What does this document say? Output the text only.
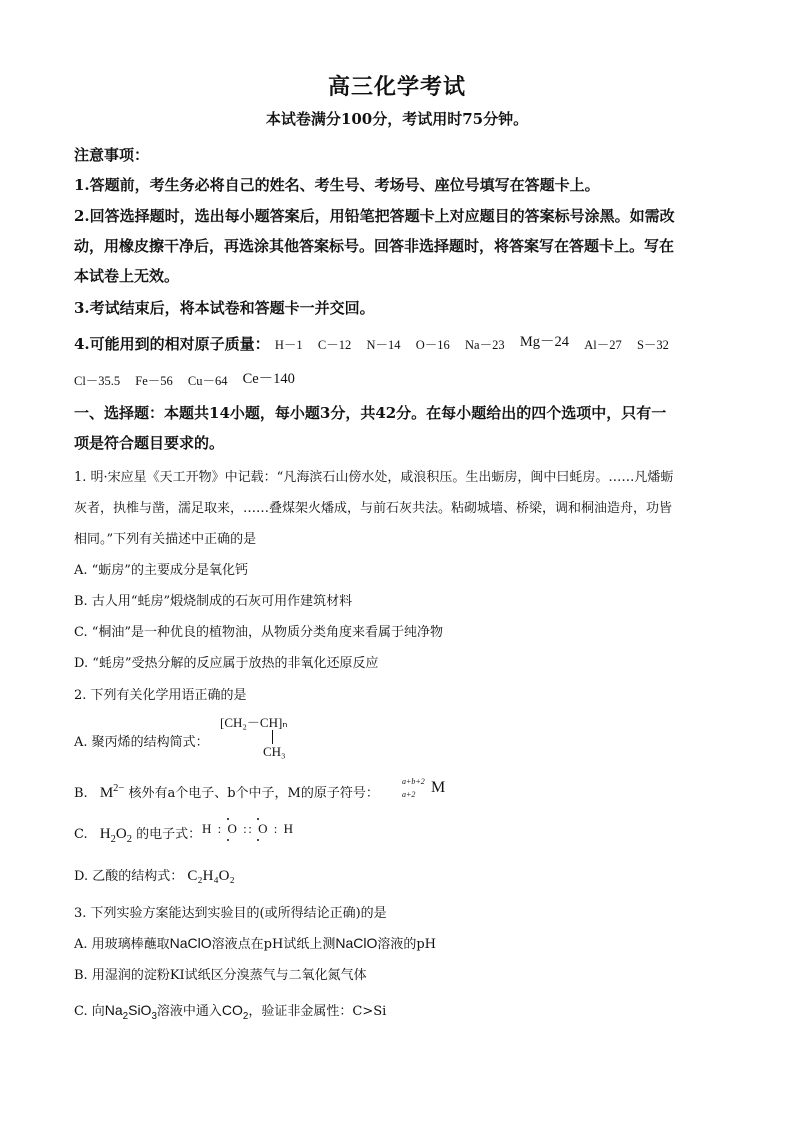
高三化学考试
本试卷满分100分，考试用时75分钟。
注意事项：
1.答题前，考生务必将自己的姓名、考生号、考场号、座位号填写在答题卡上。
2.回答选择题时，选出每小题答案后，用铅笔把答题卡上对应题目的答案标号涂黑。如需改
动，用橡皮擦干净后，再选涂其他答案标号。回答非选择题时，将答案写在答题卡上。写在
本试卷上无效。
3.考试结束后，将本试卷和答题卡一并交回。
4.可能用到的相对原子质量： H－1 C－12 N－14 O－16 Na－23 Mg－24 Al－27 S－32
Cl－35.5 Fe－56 Cu－64 Ce－140
一、选择题：本题共14小题，每小题3分，共42分。在每小题给出的四个选项中，只有一
项是符合题目要求的。
1. 明·宋应星《天工开物》中记载：“凡海滨石山傍水处，咸浪积压。生出蛎房，闽中曰蚝房。……凡燔蛎
灰者，执椎与凿，濡足取来，……叠煤架火燔成，与前石灰共法。粘砌城墙、桥梁，调和桐油造舟，功皆
相同。”下列有关描述中正确的是
A. “蛎房”的主要成分是氧化钙
B. 古人用“蚝房”煅烧制成的石灰可用作建筑材料
C. “桐油”是一种优良的植物油，从物质分类角度来看属于纯净物
D. “蚝房”受热分解的反应属于放热的非氧化还原反应
2. 下列有关化学用语正确的是
A. 聚丙烯的结构简式：
[CH₂－CH]ₙ
CH₃
B. $M^{2-}$ 核外有a个电子、b个中子，M的原子符号：
a+b+2
a+2 M
C. $H_2O_2$ 的电子式： H : O :: O : H
D. 乙酸的结构式： C₂H₄O₂
3. 下列实验方案能达到实验目的(或所得结论正确)的是
A. 用玻璃棒蘸取NaClO溶液点在pH试纸上测NaClO溶液的pH
B. 用湿润的淀粉KI试纸区分溴蒸气与二氧化氮气体
C. 向$Na_2SiO_3$溶液中通入$CO_2$，验证非金属性：C>Si
